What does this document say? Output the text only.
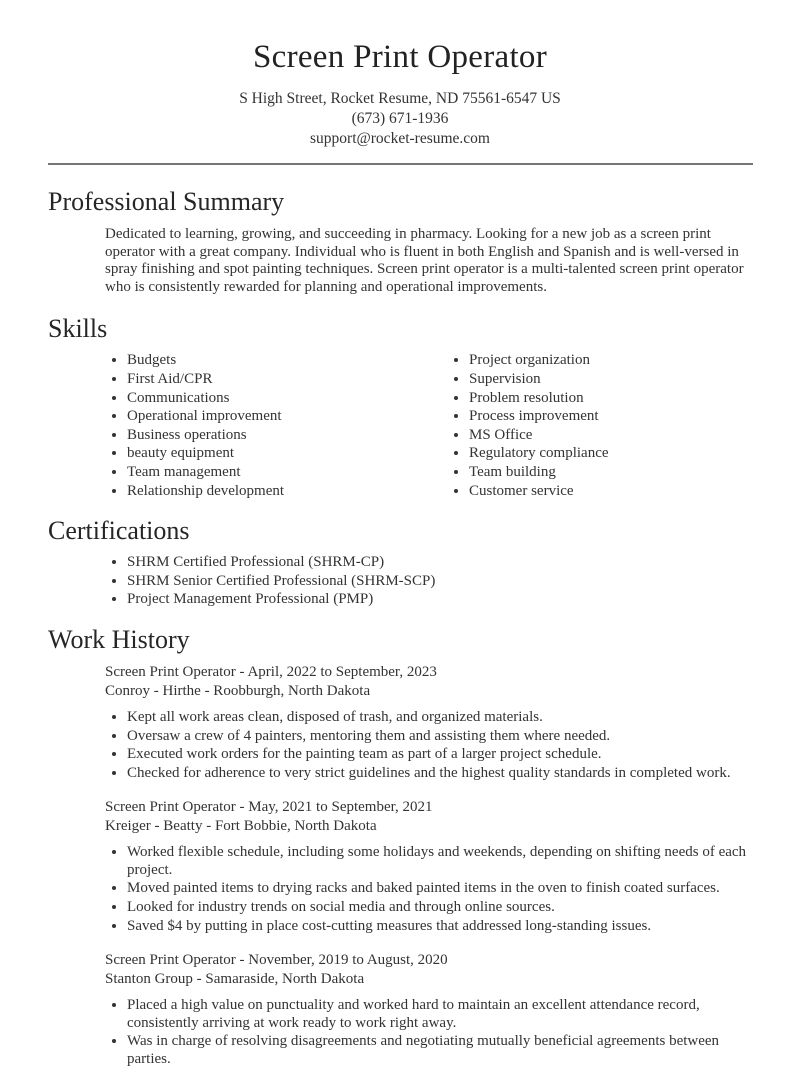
Screen Print Operator
S High Street, Rocket Resume, ND 75561-6547 US
(673) 671-1936
support@rocket-resume.com
Professional Summary

Dedicated to learning, growing, and succeeding in pharmacy. Looking for a new job as a screen print operator with a great company. Individual who is fluent in both English and Spanish and is well-versed in spray finishing and spot painting techniques. Screen print operator is a multi-talented screen print operator who is consistently rewarded for planning and operational improvements.

Skills
• Budgets
• First Aid/CPR
• Communications
• Operational improvement
• Business operations
• beauty equipment
• Team management
• Relationship development
• Project organization
• Supervision
• Problem resolution
• Process improvement
• MS Office
• Regulatory compliance
• Team building
• Customer service
Certifications
• SHRM Certified Professional (SHRM-CP)
• SHRM Senior Certified Professional (SHRM-SCP)
• Project Management Professional (PMP)
Work History
Screen Print Operator - April, 2022 to September, 2023
Conroy - Hirthe - Roobburgh, North Dakota
• Kept all work areas clean, disposed of trash, and organized materials.
• Oversaw a crew of 4 painters, mentoring them and assisting them where needed.
• Executed work orders for the painting team as part of a larger project schedule.
• Checked for adherence to very strict guidelines and the highest quality standards in completed work.
Screen Print Operator - May, 2021 to September, 2021
Kreiger - Beatty - Fort Bobbie, North Dakota
• Worked flexible schedule, including some holidays and weekends, depending on shifting needs of each project.
• Moved painted items to drying racks and baked painted items in the oven to finish coated surfaces.
• Looked for industry trends on social media and through online sources.
• Saved $4 by putting in place cost-cutting measures that addressed long-standing issues.
Screen Print Operator - November, 2019 to August, 2020
Stanton Group - Samaraside, North Dakota
• Placed a high value on punctuality and worked hard to maintain an excellent attendance record, consistently arriving at work ready to work right away.
• Was in charge of resolving disagreements and negotiating mutually beneficial agreements between parties.
